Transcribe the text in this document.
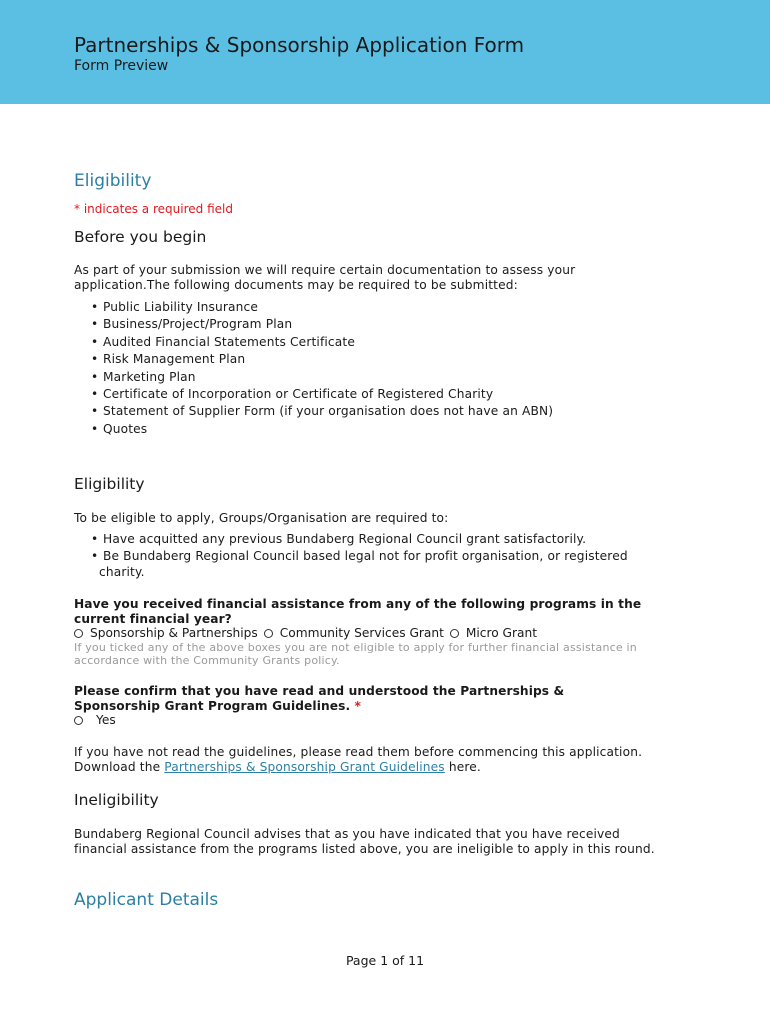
Partnerships & Sponsorship Application Form
Form Preview
Eligibility
* indicates a required field
Before you begin
As part of your submission we will require certain documentation to assess your
application.The following documents may be required to be submitted:
• Public Liability Insurance
• Business/Project/Program Plan
• Audited Financial Statements Certificate
• Risk Management Plan
• Marketing Plan
• Certificate of Incorporation or Certificate of Registered Charity
• Statement of Supplier Form (if your organisation does not have an ABN)
• Quotes
Eligibility
To be eligible to apply, Groups/Organisation are required to:
• Have acquitted any previous Bundaberg Regional Council grant satisfactorily.
• Be Bundaberg Regional Council based legal not for profit organisation, or registered
charity.
Have you received financial assistance from any of the following programs in the
current financial year?
Sponsorship & Partnerships Community Services Grant Micro Grant
If you ticked any of the above boxes you are not eligible to apply for further financial assistance in
accordance with the Community Grants policy.
Please confirm that you have read and understood the Partnerships &
Sponsorship Grant Program Guidelines. *
Yes
If you have not read the guidelines, please read them before commencing this application.
Download the Partnerships & Sponsorship Grant Guidelines here.
Ineligibility
Bundaberg Regional Council advises that as you have indicated that you have received
financial assistance from the programs listed above, you are ineligible to apply in this round.
Applicant Details
Page 1 of 11
